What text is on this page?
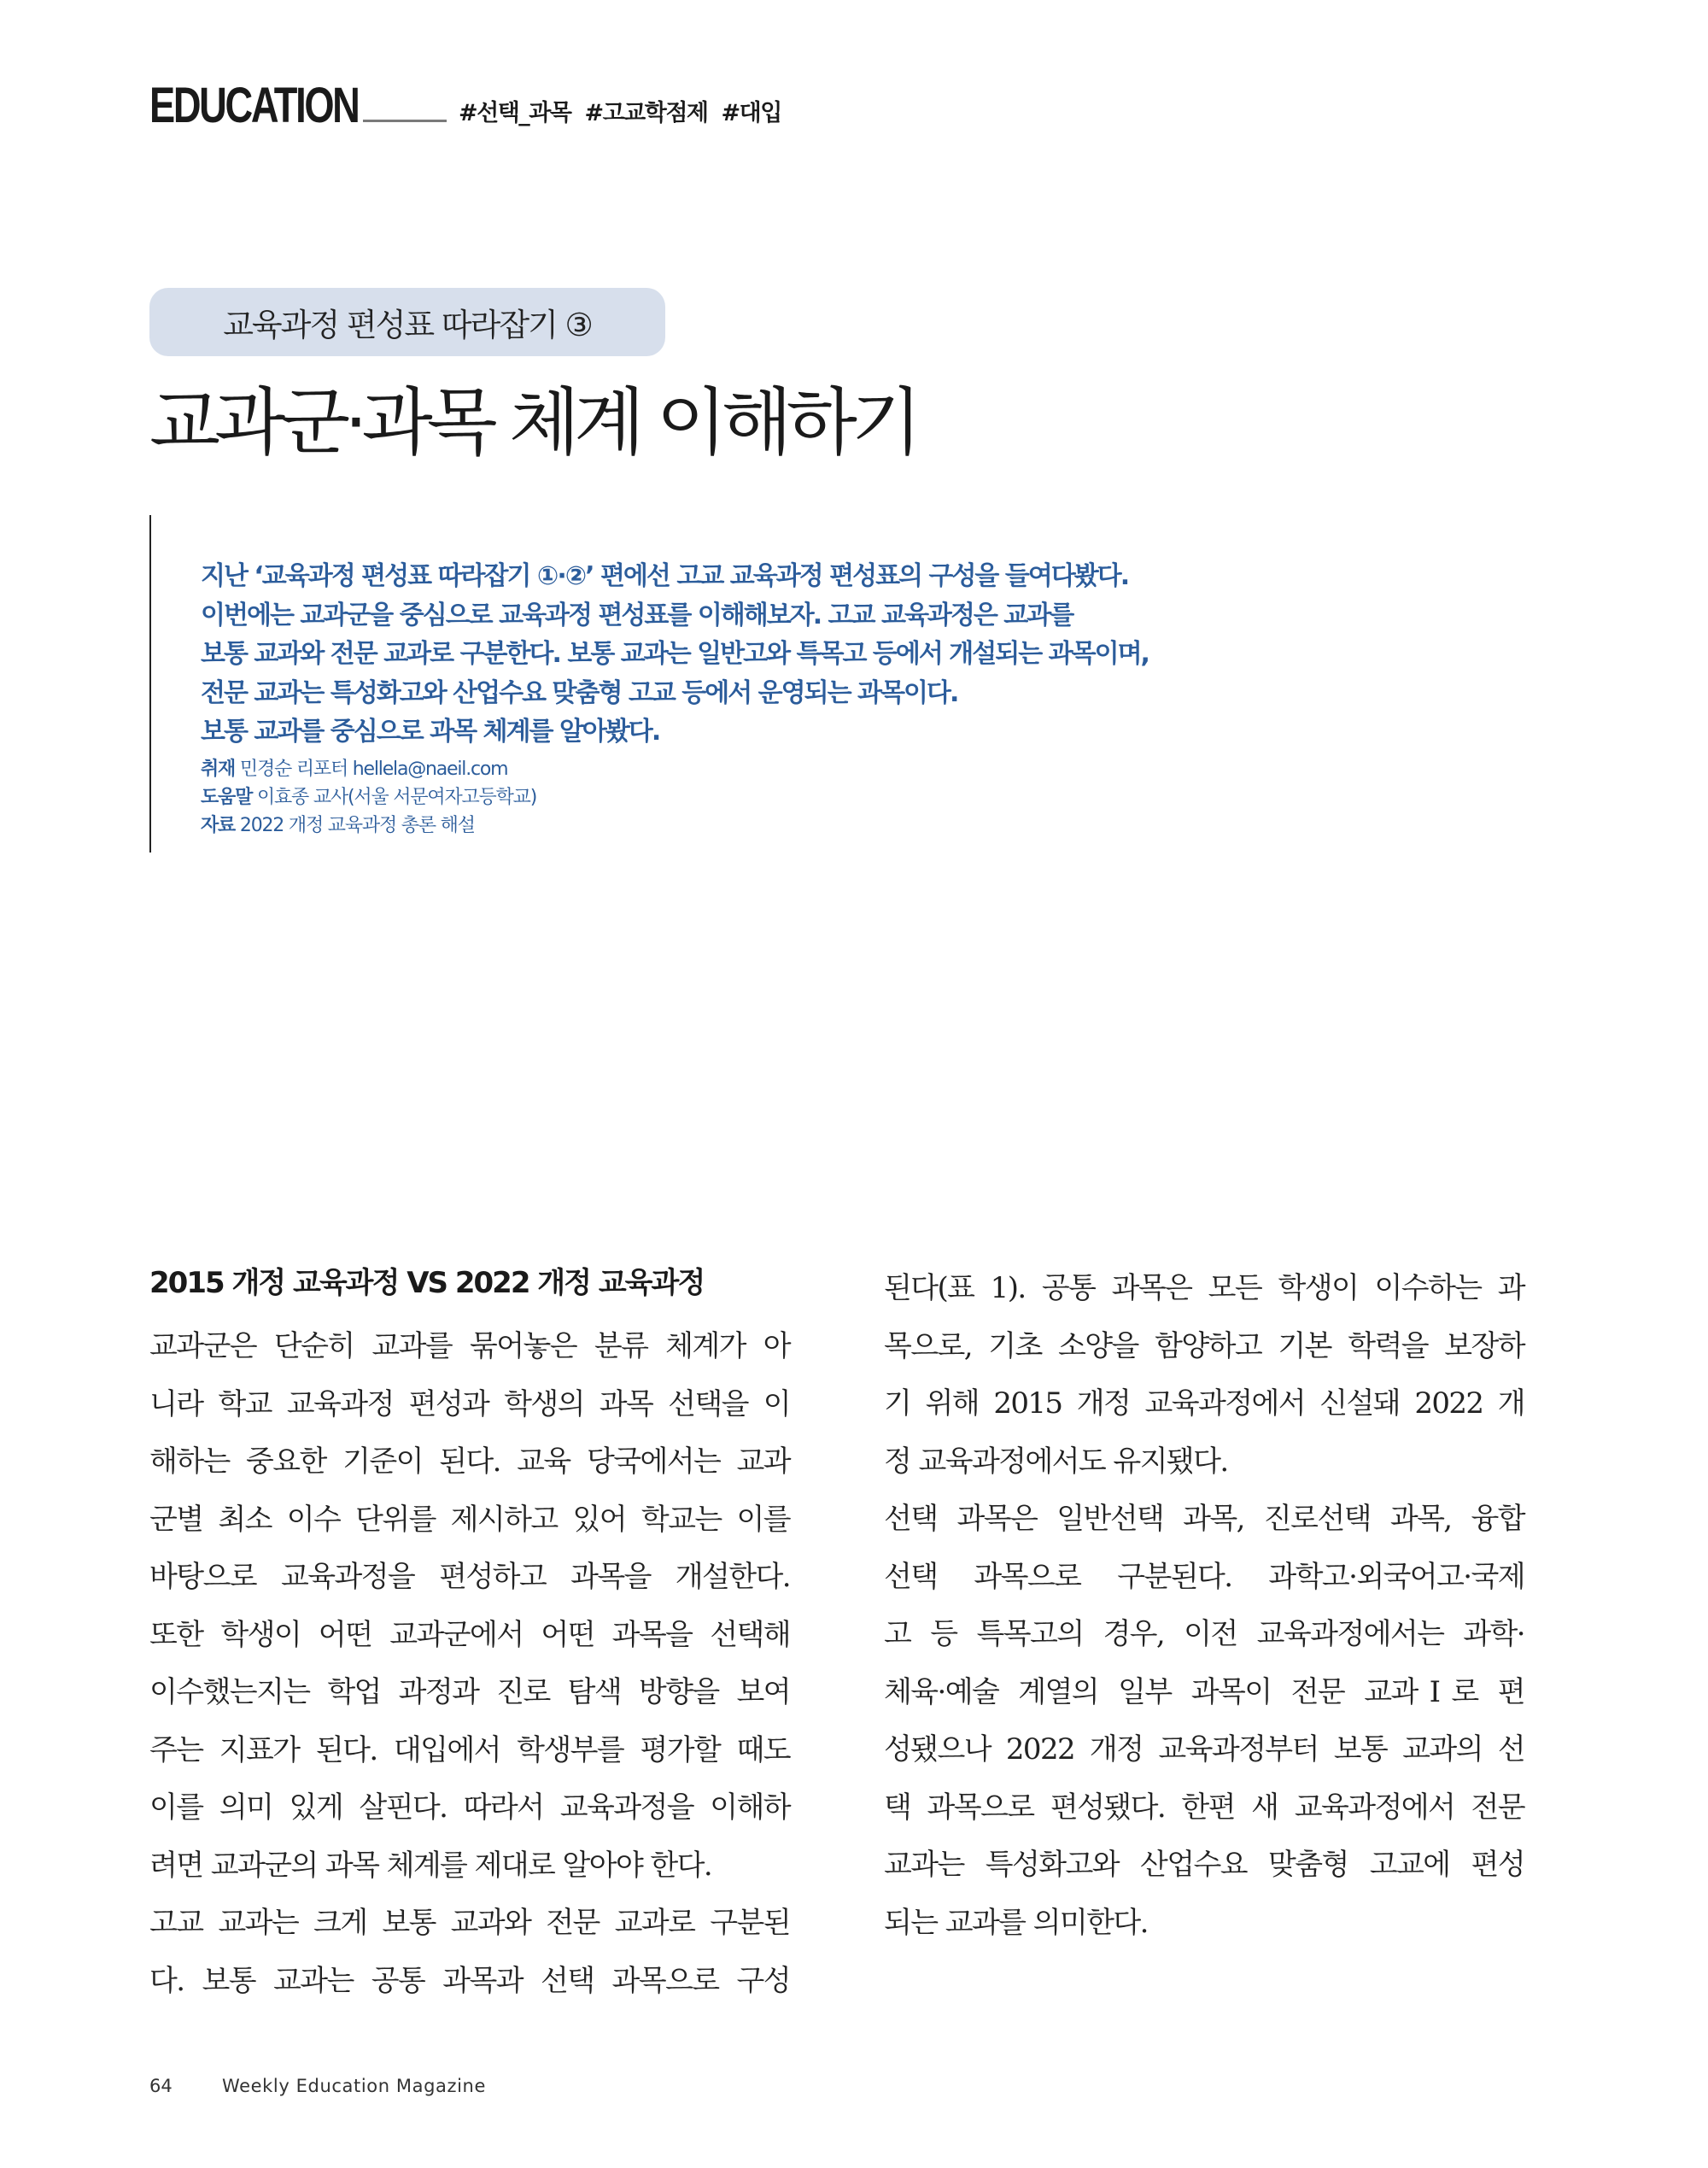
EDUCATION	#선택_과목 #고교학점제 #대입
교육과정 편성표 따라잡기 ③
교과군·과목 체계 이해하기
지난 ‘교육과정 편성표 따라잡기 ①·②’ 편에선 고교 교육과정 편성표의 구성을 들여다봤다.
이번에는 교과군을 중심으로 교육과정 편성표를 이해해보자. 고교 교육과정은 교과를
보통 교과와 전문 교과로 구분한다. 보통 교과는 일반고와 특목고 등에서 개설되는 과목이며,
전문 교과는 특성화고와 산업수요 맞춤형 고교 등에서 운영되는 과목이다.
보통 교과를 중심으로 과목 체계를 알아봤다.
취재 민경순 리포터 hellela@naeil.com
도움말 이효종 교사(서울 서문여자고등학교)
자료 2022 개정 교육과정 총론 해설
2015 개정 교육과정 VS 2022 개정 교육과정
교과군은 단순히 교과를 묶어놓은 분류 체계가 아
니라 학교 교육과정 편성과 학생의 과목 선택을 이
해하는 중요한 기준이 된다. 교육 당국에서는 교과
군별 최소 이수 단위를 제시하고 있어 학교는 이를
바탕으로 교육과정을 편성하고 과목을 개설한다.
또한 학생이 어떤 교과군에서 어떤 과목을 선택해
이수했는지는 학업 과정과 진로 탐색 방향을 보여
주는 지표가 된다. 대입에서 학생부를 평가할 때도
이를 의미 있게 살핀다. 따라서 교육과정을 이해하
려면 교과군의 과목 체계를 제대로 알아야 한다.
고교 교과는 크게 보통 교과와 전문 교과로 구분된
다. 보통 교과는 공통 과목과 선택 과목으로 구성
된다(표 1). 공통 과목은 모든 학생이 이수하는 과
목으로, 기초 소양을 함양하고 기본 학력을 보장하
기 위해 2015 개정 교육과정에서 신설돼 2022 개
정 교육과정에서도 유지됐다.
선택 과목은 일반선택 과목, 진로선택 과목, 융합
선택 과목으로 구분된다. 과학고·외국어고·국제
고 등 특목고의 경우, 이전 교육과정에서는 과학·
체육·예술 계열의 일부 과목이 전문 교과Ⅰ로 편
성됐으나 2022 개정 교육과정부터 보통 교과의 선
택 과목으로 편성됐다. 한편 새 교육과정에서 전문
교과는 특성화고와 산업수요 맞춤형 고교에 편성
되는 교과를 의미한다.
64	Weekly Education Magazine
